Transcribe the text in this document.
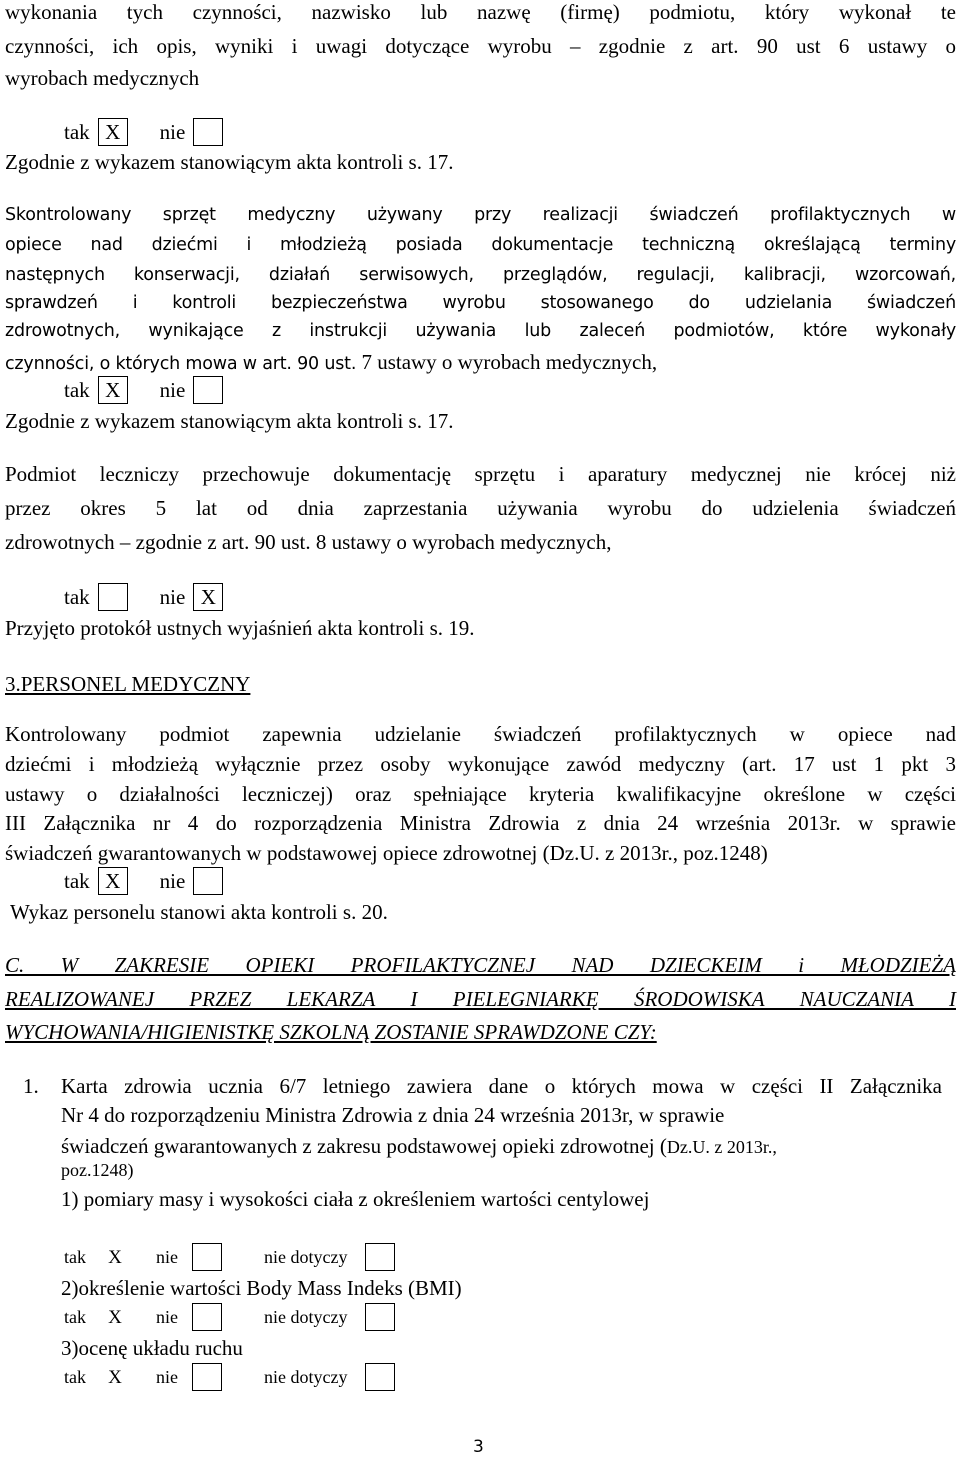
wykonania tych czynności, nazwisko lub nazwę (firmę) podmiotu, który wykonał te
czynności, ich opis, wyniki i uwagi dotyczące wyrobu – zgodnie z art. 90 ust 6 ustawy o
wyrobach medycznych
tak X	nie
Zgodnie z wykazem stanowiącym akta kontroli s. 17.
Skontrolowany sprzęt medyczny używany przy realizacji świadczeń profilaktycznych w
opiece nad dziećmi i młodzieżą posiada dokumentacje techniczną określającą terminy
następnych konserwacji, działań serwisowych, przeglądów, regulacji, kalibracji, wzorcowań,
sprawdzeń i kontroli bezpieczeństwa wyrobu stosowanego do udzielania świadczeń
zdrowotnych, wynikające z instrukcji używania lub zaleceń podmiotów, które wykonały
czynności, o których mowa w art. 90 ust. 7 ustawy o wyrobach medycznych,
tak X	nie
Zgodnie z wykazem stanowiącym akta kontroli s. 17.
Podmiot leczniczy przechowuje dokumentację sprzętu i aparatury medycznej nie krócej niż
przez okres 5 lat od dnia zaprzestania używania wyrobu do udzielenia świadczeń
zdrowotnych – zgodnie z art. 90 ust. 8 ustawy o wyrobach medycznych,
tak	nie X
Przyjęto protokół ustnych wyjaśnień akta kontroli s. 19.
3.PERSONEL MEDYCZNY
Kontrolowany podmiot zapewnia udzielanie świadczeń profilaktycznych w opiece nad
dziećmi i młodzieżą wyłącznie przez osoby wykonujące zawód medyczny (art. 17 ust 1 pkt 3
ustawy o działalności leczniczej) oraz spełniające kryteria kwalifikacyjne określone w części
III Załącznika nr 4 do rozporządzenia Ministra Zdrowia z dnia 24 września 2013r. w sprawie
świadczeń gwarantowanych w podstawowej opiece zdrowotnej (Dz.U. z 2013r., poz.1248)
tak X	nie
Wykaz personelu stanowi akta kontroli s. 20.
C. W ZAKRESIE OPIEKI PROFILAKTYCZNEJ NAD DZIECKEIM i MŁODZIEŻĄ
REALIZOWANEJ PRZEZ LEKARZA I PIELEGNIARKĘ ŚRODOWISKA NAUCZANIA I
WYCHOWANIA/HIGIENISTKĘ SZKOLNĄ ZOSTANIE SPRAWDZONE CZY:
1. Karta zdrowia ucznia 6/7 letniego zawiera dane o których mowa w części II Załącznika
Nr 4 do rozporządzeniu Ministra Zdrowia z dnia 24 września 2013r, w sprawie
świadczeń gwarantowanych z zakresu podstawowej opieki zdrowotnej (Dz.U. z 2013r.,
poz.1248)
1) pomiary masy i wysokości ciała z określeniem wartości centylowej
tak	X	nie	nie dotyczy
2)określenie wartości Body Mass Indeks (BMI)
tak	X	nie	nie dotyczy
3)ocenę układu ruchu
tak	X	nie	nie dotyczy
3
